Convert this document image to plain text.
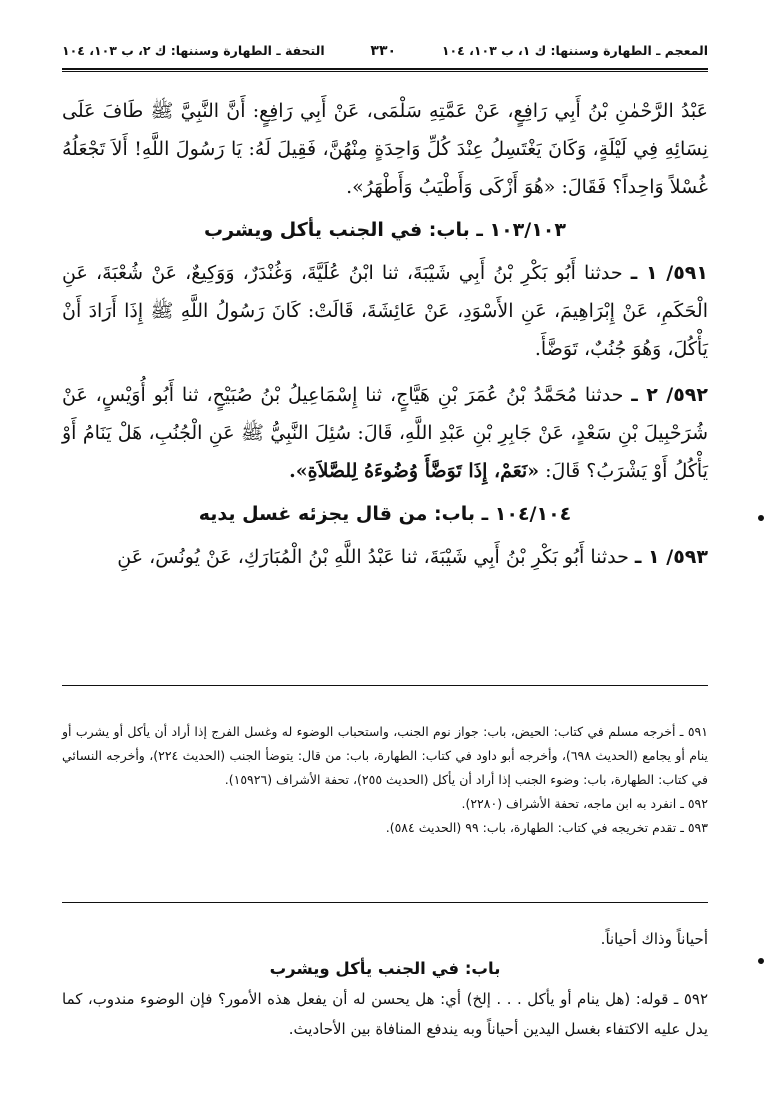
المعجم ـ الطهارة وسننها: ك ١، ب ١٠٣، ١٠٤
٣٣٠
التحفة ـ الطهارة وسننها: ك ٢، ب ١٠٣، ١٠٤

عَبْدُ الرَّحْمٰنِ بْنُ أَبِي رَافِعٍ، عَنْ عَمَّتِهِ سَلْمَى، عَنْ أَبِي رَافِعٍ: أَنَّ النَّبِيَّ ﷺ طَافَ عَلَى نِسَائِهِ فِي لَيْلَةٍ، وَكَانَ يَغْتَسِلُ عِنْدَ كُلِّ وَاحِدَةٍ مِنْهُنَّ، فَقِيلَ لَهُ: يَا رَسُولَ اللَّهِ! أَلاَ تَجْعَلُهُ غُسْلاً وَاحِداً؟ فَقَالَ: «هُوَ أَزْكَى وَأَطْيَبُ وَأَطْهَرُ».

١٠٣/١٠٣ ـ باب: في الجنب يأكل ويشرب

٥٩١/ ١ ـ حدثنا أَبُو بَكْرِ بْنُ أَبِي شَيْبَةَ، ثنا ابْنُ عُلَيَّةَ، وَغُنْدَرٌ، وَوَكِيعٌ، عَنْ شُعْبَةَ، عَنِ الْحَكَمِ، عَنْ إِبْرَاهِيمَ، عَنِ الأَسْوَدِ، عَنْ عَائِشَةَ، قَالَتْ: كَانَ رَسُولُ اللَّهِ ﷺ إِذَا أَرَادَ أَنْ يَأْكُلَ، وَهُوَ جُنُبٌ، تَوَضَّأَ.

٥٩٢/ ٢ ـ حدثنا مُحَمَّدُ بْنُ عُمَرَ بْنِ هَيَّاجٍ، ثنا إِسْمَاعِيلُ بْنُ صُبَيْحٍ، ثنا أَبُو أُوَيْسٍ، عَنْ شُرَحْبِيلَ بْنِ سَعْدٍ، عَنْ جَابِرِ بْنِ عَبْدِ اللَّهِ، قَالَ: سُئِلَ النَّبِيُّ ﷺ عَنِ الْجُنُبِ، هَلْ يَنَامُ أَوْ يَأْكُلُ أَوْ يَشْرَبُ؟ قَالَ: «نَعَمْ، إِذَا تَوَضَّأَ وُضُوءَهُ لِلصَّلاَةِ».

١٠٤/١٠٤ ـ باب: من قال يجزئه غسل يديه

٥٩٣/ ١ ـ حدثنا أَبُو بَكْرِ بْنُ أَبِي شَيْبَةَ، ثنا عَبْدُ اللَّهِ بْنُ الْمُبَارَكِ، عَنْ يُونُسَ، عَنِ

٥٩١ ـ أخرجه مسلم في كتاب: الحيض، باب: جواز نوم الجنب، واستحباب الوضوء له وغسل الفرج إذا أراد أن يأكل أو يشرب أو ينام أو يجامع (الحديث ٦٩٨)، وأخرجه أبو داود في كتاب: الطهارة، باب: من قال: يتوضأ الجنب (الحديث ٢٢٤)، وأخرجه النسائي في كتاب: الطهارة، باب: وضوء الجنب إذا أراد أن يأكل (الحديث ٢٥٥)، تحفة الأشراف (١٥٩٢٦).

٥٩٢ ـ انفرد به ابن ماجه، تحفة الأشراف (٢٢٨٠).

٥٩٣ ـ تقدم تخريجه في كتاب: الطهارة، باب: ٩٩ (الحديث ٥٨٤).

أحياناً وذاك أحياناً.

باب: في الجنب يأكل ويشرب

٥٩٢ ـ قوله: (هل ينام أو يأكل . . . إلخ) أي: هل يحسن له أن يفعل هذه الأمور؟ فإن الوضوء مندوب، كما يدل عليه الاكتفاء بغسل اليدين أحياناً وبه يندفع المنافاة بين الأحاديث.
